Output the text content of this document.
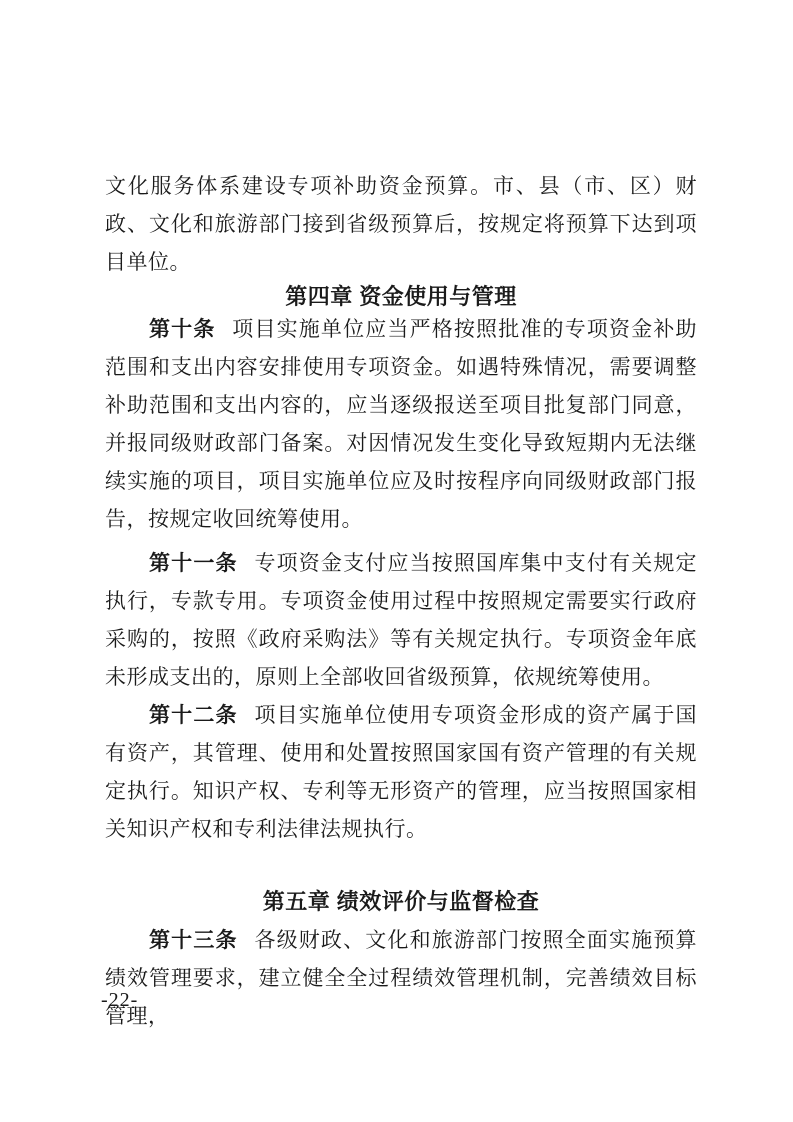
文化服务体系建设专项补助资金预算。市、县（市、区）财政、文化和旅游部门接到省级预算后，按规定将预算下达到项目单位。

第四章 资金使用与管理

第十条 项目实施单位应当严格按照批准的专项资金补助范围和支出内容安排使用专项资金。如遇特殊情况，需要调整补助范围和支出内容的，应当逐级报送至项目批复部门同意，并报同级财政部门备案。对因情况发生变化导致短期内无法继续实施的项目，项目实施单位应及时按程序向同级财政部门报告，按规定收回统筹使用。

第十一条 专项资金支付应当按照国库集中支付有关规定执行，专款专用。专项资金使用过程中按照规定需要实行政府采购的，按照《政府采购法》等有关规定执行。专项资金年底未形成支出的，原则上全部收回省级预算，依规统筹使用。

第十二条 项目实施单位使用专项资金形成的资产属于国有资产，其管理、使用和处置按照国家国有资产管理的有关规定执行。知识产权、专利等无形资产的管理，应当按照国家相关知识产权和专利法律法规执行。

第五章 绩效评价与监督检查

第十三条 各级财政、文化和旅游部门按照全面实施预算绩效管理要求，建立健全全过程绩效管理机制，完善绩效目标管理，

-22-
